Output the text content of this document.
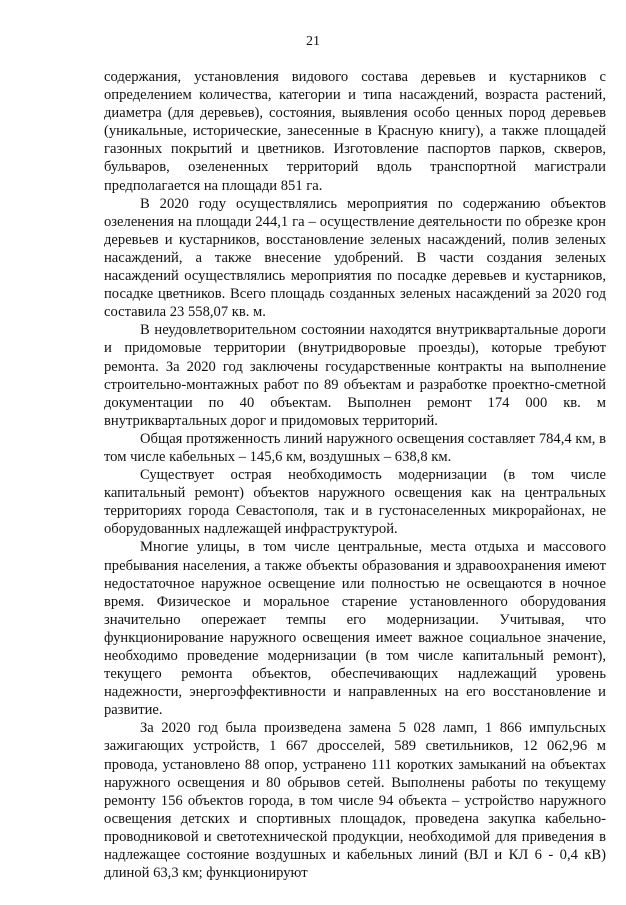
21

содержания, установления видового состава деревьев и кустарников с определением количества, категории и типа насаждений, возраста растений, диаметра (для деревьев), состояния, выявления особо ценных пород деревьев (уникальные, исторические, занесенные в Красную книгу), а также площадей газонных покрытий и цветников. Изготовление паспортов парков, скверов, бульваров, озелененных территорий вдоль транспортной магистрали предполагается на площади 851 га.

В 2020 году осуществлялись мероприятия по содержанию объектов озеленения на площади 244,1 га – осуществление деятельности по обрезке крон деревьев и кустарников, восстановление зеленых насаждений, полив зеленых насаждений, а также внесение удобрений. В части создания зеленых насаждений осуществлялись мероприятия по посадке деревьев и кустарников, посадке цветников. Всего площадь созданных зеленых насаждений за 2020 год составила 23 558,07 кв. м.

В неудовлетворительном состоянии находятся внутриквартальные дороги и придомовые территории (внутридворовые проезды), которые требуют ремонта. За 2020 год заключены государственные контракты на выполнение строительно-монтажных работ по 89 объектам и разработке проектно-сметной документации по 40 объектам. Выполнен ремонт 174 000 кв. м внутриквартальных дорог и придомовых территорий.

Общая протяженность линий наружного освещения составляет 784,4 км, в том числе кабельных – 145,6 км, воздушных – 638,8 км.

Существует острая необходимость модернизации (в том числе капитальный ремонт) объектов наружного освещения как на центральных территориях города Севастополя, так и в густонаселенных микрорайонах, не оборудованных надлежащей инфраструктурой.

Многие улицы, в том числе центральные, места отдыха и массового пребывания населения, а также объекты образования и здравоохранения имеют недостаточное наружное освещение или полностью не освещаются в ночное время. Физическое и моральное старение установленного оборудования значительно опережает темпы его модернизации. Учитывая, что функционирование наружного освещения имеет важное социальное значение, необходимо проведение модернизации (в том числе капитальный ремонт), текущего ремонта объектов, обеспечивающих надлежащий уровень надежности, энергоэффективности и направленных на его восстановление и развитие.

За 2020 год была произведена замена 5 028 ламп, 1 866 импульсных зажигающих устройств, 1 667 дросселей, 589 светильников, 12 062,96 м провода, установлено 88 опор, устранено 111 коротких замыканий на объектах наружного освещения и 80 обрывов сетей. Выполнены работы по текущему ремонту 156 объектов города, в том числе 94 объекта – устройство наружного освещения детских и спортивных площадок, проведена закупка кабельно-проводниковой и светотехнической продукции, необходимой для приведения в надлежащее состояние воздушных и кабельных линий (ВЛ и КЛ 6 - 0,4 кВ) длиной 63,3 км; функционируют
